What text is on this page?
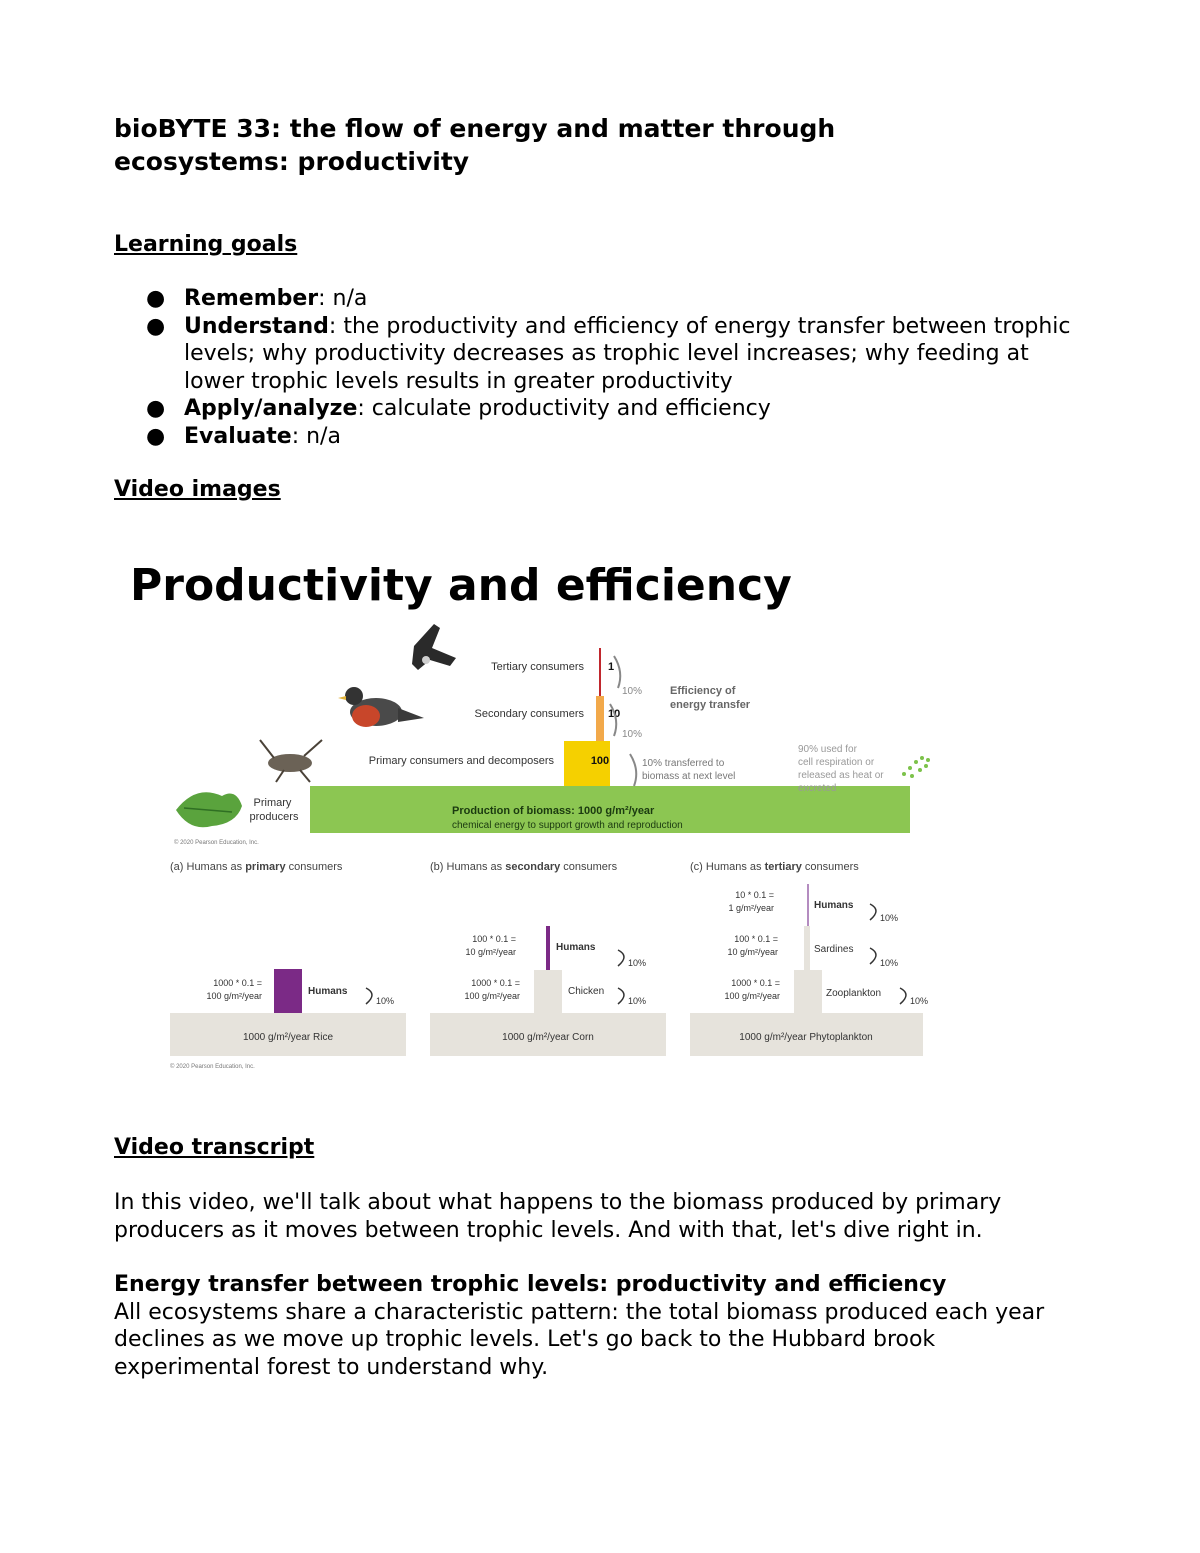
bioBYTE 33: the flow of energy and matter through ecosystems: productivity
Learning goals
● Remember: n/a
● Understand: the productivity and efficiency of energy transfer between trophic levels; why productivity decreases as trophic level increases; why feeding at lower trophic levels results in greater productivity
● Apply/analyze: calculate productivity and efficiency
● Evaluate: n/a
Video images
Productivity and efficiency
Tertiary consumers 1
Secondary consumers 10
Primary consumers and decomposers	100
Primary producers	Production of biomass: 1000 g/m²/year
chemical energy to support growth and reproduction
10%
10%
Efficiency of energy transfer
10% transferred to biomass at next level
90% used for cell respiration or released as heat or excreted
© 2020 Pearson Education, Inc.
(a) Humans as primary consumers	(b) Humans as secondary consumers	(c) Humans as tertiary consumers
1000 g/m²/year Rice
1000 * 0.1 =
100 g/m²/year	Humans
10%
1000 g/m²/year Corn
1000 * 0.1 =
100 g/m²/year	Chicken
10%
100 * 0.1 =
10 g/m²/year	Humans
10%
1000 g/m²/year Phytoplankton
1000 * 0.1 =
100 g/m²/year	Zooplankton
10%
100 * 0.1 =
10 g/m²/year	Sardines
10%
10 * 0.1 =
1 g/m²/year	Humans
10%
© 2020 Pearson Education, Inc.
Video transcript

In this video, we'll talk about what happens to the biomass produced by primary producers as it moves between trophic levels. And with that, let's dive right in.

Energy transfer between trophic levels: productivity and efficiency
All ecosystems share a characteristic pattern: the total biomass produced each year declines as we move up trophic levels. Let's go back to the Hubbard brook experimental forest to understand why.
